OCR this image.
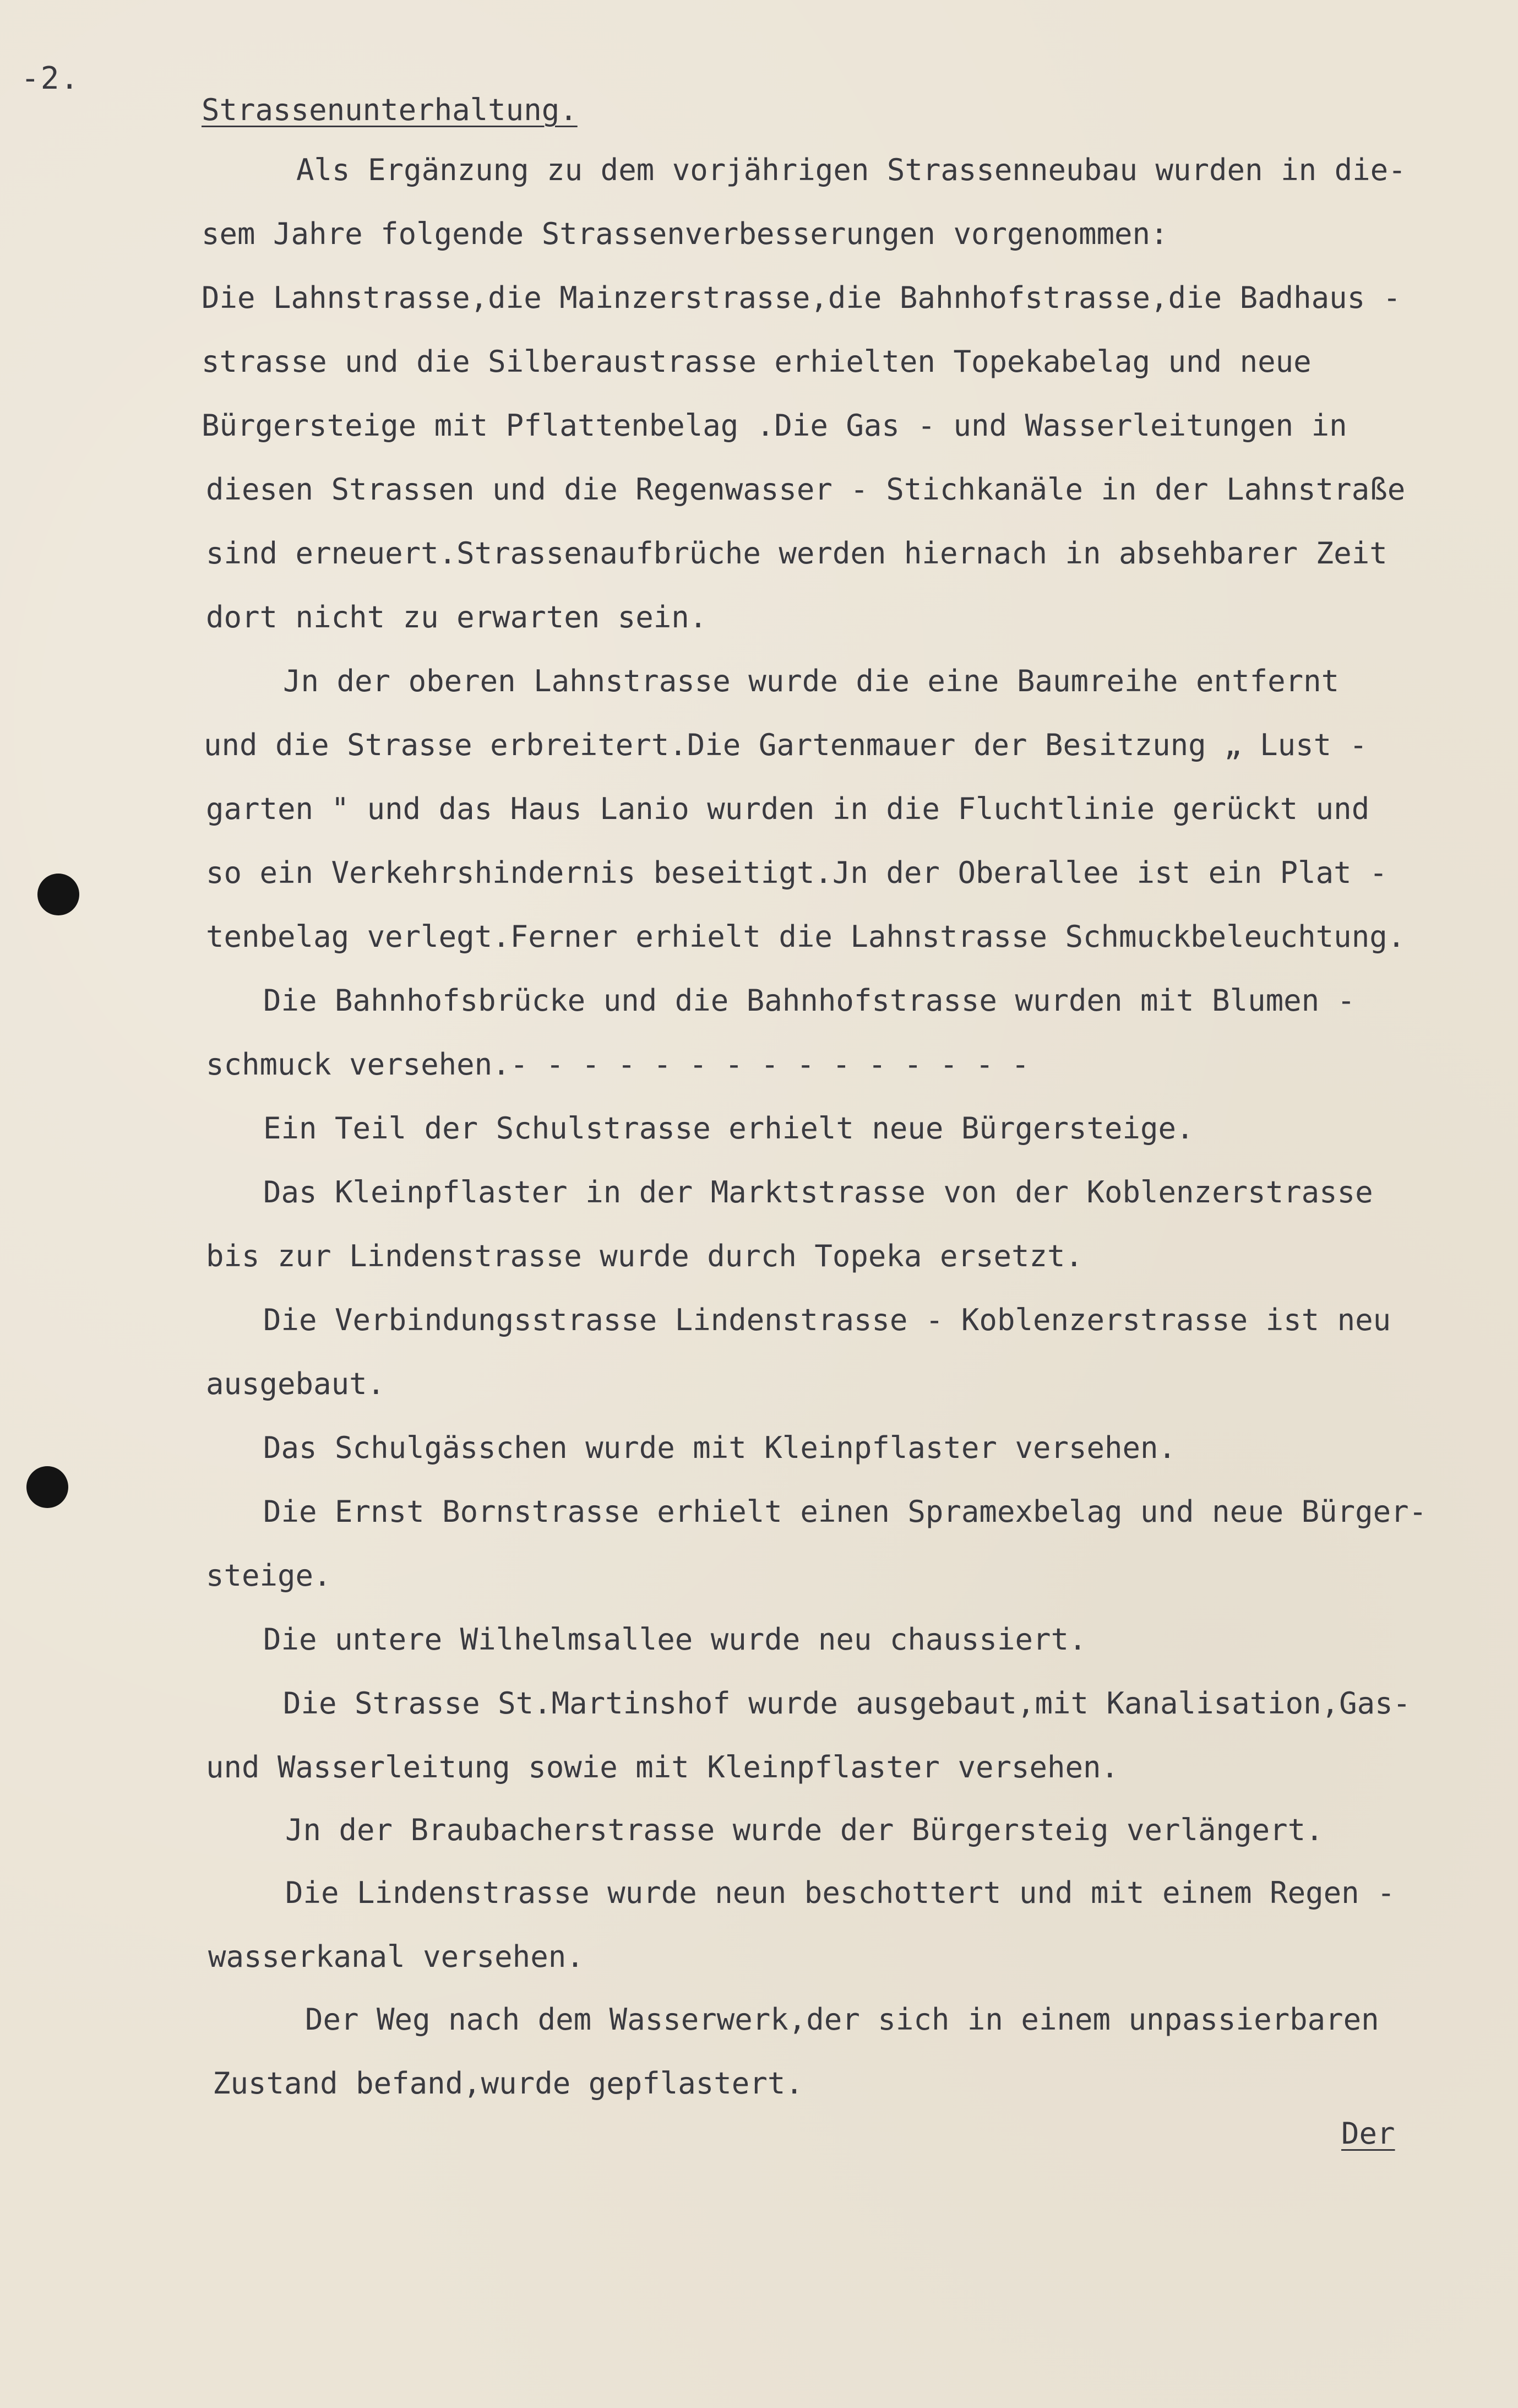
-2.
Strassenunterhaltung.
Als Ergänzung zu dem vorjährigen Strassenneubau wurden in die-
sem Jahre folgende Strassenverbesserungen vorgenommen:
Die Lahnstrasse,die Mainzerstrasse,die Bahnhofstrasse,die Badhaus -
strasse und die Silberaustrasse erhielten Topekabelag und neue
Bürgersteige mit Pflattenbelag .Die Gas - und Wasserleitungen in
diesen Strassen und die Regenwasser - Stichkanäle in der Lahnstraße
sind erneuert.Strassenaufbrüche werden hiernach in absehbarer Zeit
dort nicht zu erwarten sein.
Jn der oberen Lahnstrasse wurde die eine Baumreihe entfernt
und die Strasse erbreitert.Die Gartenmauer der Besitzung „ Lust -
garten " und das Haus Lanio wurden in die Fluchtlinie gerückt und
so ein Verkehrshindernis beseitigt.Jn der Oberallee ist ein Plat -
tenbelag verlegt.Ferner erhielt die Lahnstrasse Schmuckbeleuchtung.
Die Bahnhofsbrücke und die Bahnhofstrasse wurden mit Blumen -
schmuck versehen.- - - - - - - - - - - - - - -
Ein Teil der Schulstrasse erhielt neue Bürgersteige.
Das Kleinpflaster in der Marktstrasse von der Koblenzerstrasse
bis zur Lindenstrasse wurde durch Topeka ersetzt.
Die Verbindungsstrasse Lindenstrasse - Koblenzerstrasse ist neu
ausgebaut.
Das Schulgässchen wurde mit Kleinpflaster versehen.
Die Ernst Bornstrasse erhielt einen Spramexbelag und neue Bürger-
steige.
Die untere Wilhelmsallee wurde neu chaussiert.
Die Strasse St.Martinshof wurde ausgebaut,mit Kanalisation,Gas-
und Wasserleitung sowie mit Kleinpflaster versehen.
Jn der Braubacherstrasse wurde der Bürgersteig verlängert.
Die Lindenstrasse wurde neun beschottert und mit einem Regen -
wasserkanal versehen.
Der Weg nach dem Wasserwerk,der sich in einem unpassierbaren
Zustand befand,wurde gepflastert.
Der
